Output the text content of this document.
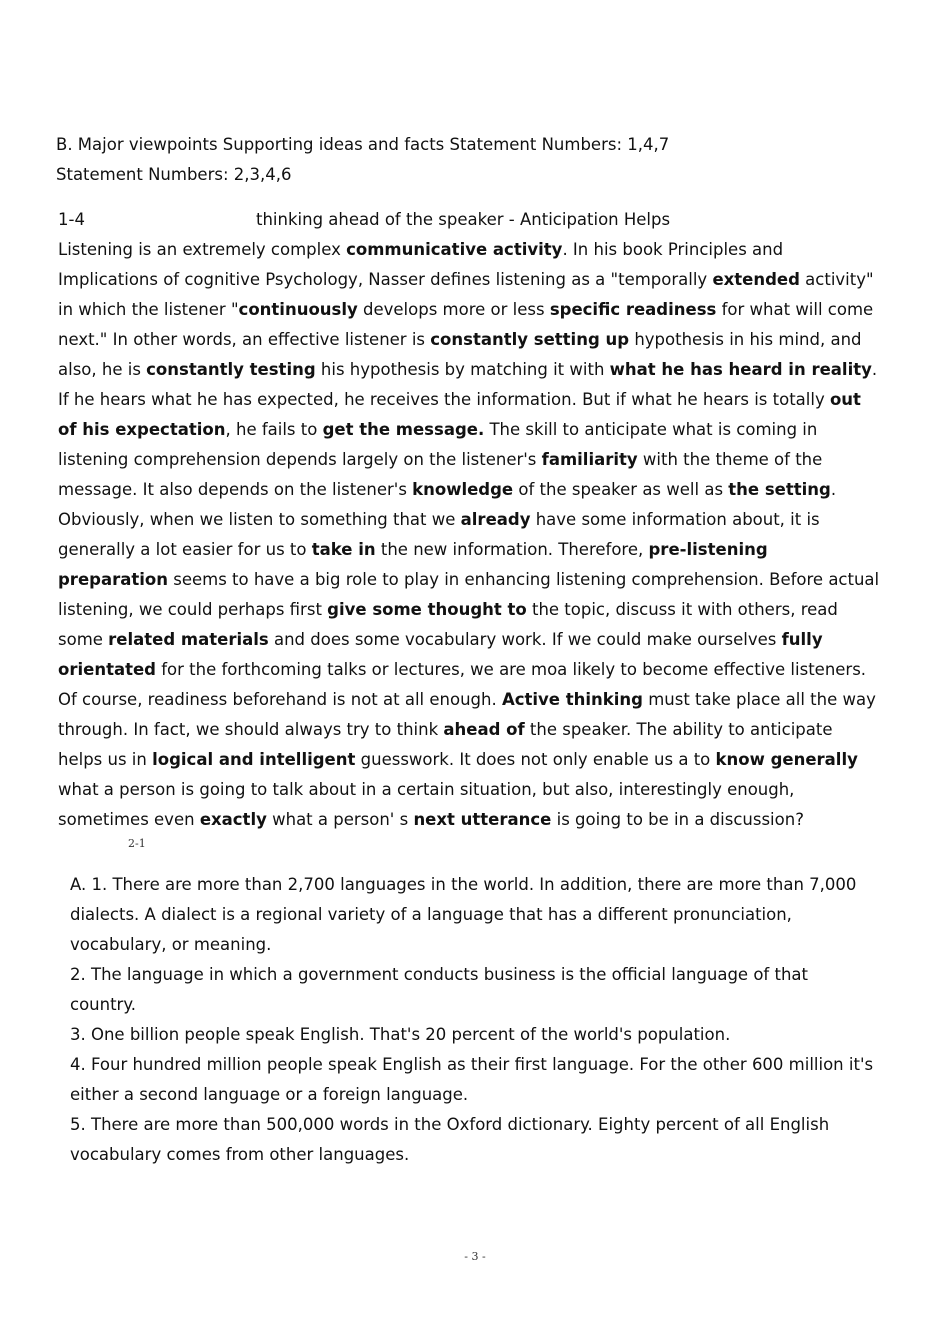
B. Major viewpoints Supporting ideas and facts Statement Numbers: 1,4,7
Statement Numbers: 2,3,4,6
1-4	thinking ahead of the speaker - Anticipation Helps
Listening is an extremely complex communicative activity. In his book Principles and Implications of cognitive Psychology, Nasser defines listening as a "temporally extended activity" in which the listener "continuously develops more or less specific readiness for what will come next." In other words, an effective listener is constantly setting up hypothesis in his mind, and also, he is constantly testing his hypothesis by matching it with what he has heard in reality. If he hears what he has expected, he receives the information. But if what he hears is totally out of his expectation, he fails to get the message. The skill to anticipate what is coming in listening comprehension depends largely on the listener's familiarity with the theme of the message. It also depends on the listener's knowledge of the speaker as well as the setting. Obviously, when we listen to something that we already have some information about, it is generally a lot easier for us to take in the new information. Therefore, pre-listening preparation seems to have a big role to play in enhancing listening comprehension. Before actual listening, we could perhaps first give some thought to the topic, discuss it with others, read some related materials and does some vocabulary work. If we could make ourselves fully orientated for the forthcoming talks or lectures, we are moa likely to become effective listeners. Of course, readiness beforehand is not at all enough. Active thinking must take place all the way through. In fact, we should always try to think ahead of the speaker. The ability to anticipate helps us in logical and intelligent guesswork. It does not only enable us a to know generally what a person is going to talk about in a certain situation, but also, interestingly enough, sometimes even exactly what a person' s next utterance is going to be in a discussion?
2-1

A. 1. There are more than 2,700 languages in the world. In addition, there are more than 7,000 dialects. A dialect is a regional variety of a language that has a different pronunciation, vocabulary, or meaning.

2. The language in which a government conducts business is the official language of that country.

3. One billion people speak English. That's 20 percent of the world's population.

4. Four hundred million people speak English as their first language. For the other 600 million it's either a second language or a foreign language.

5. There are more than 500,000 words in the Oxford dictionary. Eighty percent of all English vocabulary comes from other languages.

- 3 -
